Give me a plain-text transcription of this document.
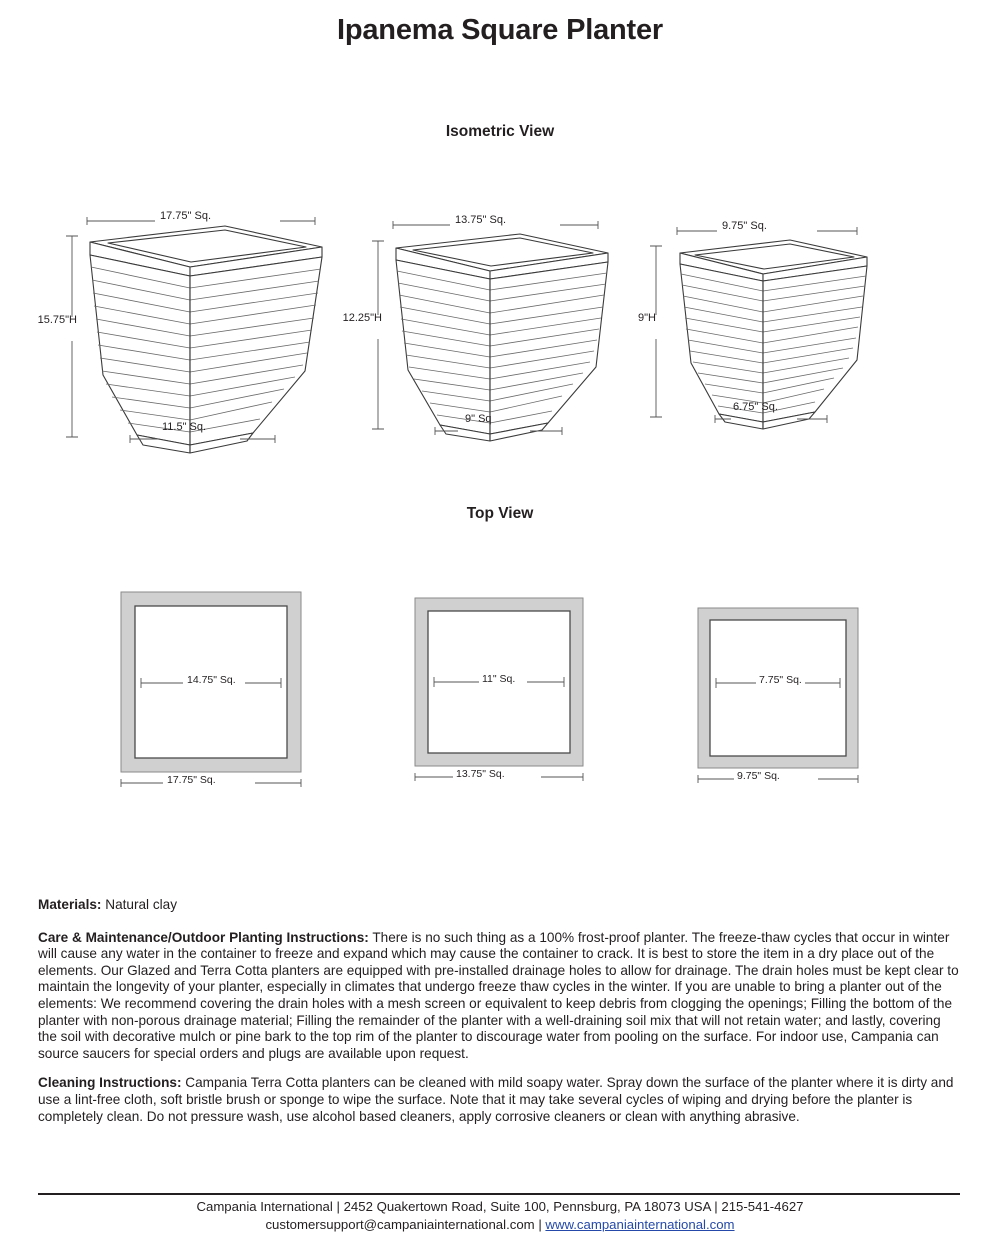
Ipanema Square Planter
Isometric View
17.75" Sq.
11.5" Sq.
15.75"H
13.75" Sq.
9" Sq
12.25"H
9.75" Sq.
6.75" Sq.
9"H
Top View
14.75" Sq.
17.75" Sq.
11" Sq.
13.75" Sq.
7.75" Sq.
9.75" Sq.

Materials: Natural clay

Care & Maintenance/Outdoor Planting Instructions: There is no such thing as a 100% frost-proof planter. The freeze-thaw cycles that occur in winter will cause any water in the container to freeze and expand which may cause the container to crack. It is best to store the item in a dry place out of the elements. Our Glazed and Terra Cotta planters are equipped with pre-installed drainage holes to allow for drainage. The drain holes must be kept clear to maintain the longevity of your planter, especially in climates that undergo freeze thaw cycles in the winter. If you are unable to bring a planter out of the elements: We recommend covering the drain holes with a mesh screen or equivalent to keep debris from clogging the openings; Filling the bottom of the planter with non-porous drainage material; Filling the remainder of the planter with a well-draining soil mix that will not retain water; and lastly, covering the soil with decorative mulch or pine bark to the top rim of the planter to discourage water from pooling on the surface. For indoor use, Campania can source saucers for special orders and plugs are available upon request.

Cleaning Instructions: Campania Terra Cotta planters can be cleaned with mild soapy water. Spray down the surface of the planter where it is dirty and use a lint-free cloth, soft bristle brush or sponge to wipe the surface. Note that it may take several cycles of wiping and drying before the planter is completely clean. Do not pressure wash, use alcohol based cleaners, apply corrosive cleaners or clean with anything abrasive.

Campania International | 2452 Quakertown Road, Suite 100, Pennsburg, PA 18073 USA | 215-541-4627
customersupport@campaniainternational.com | www.campaniainternational.com
